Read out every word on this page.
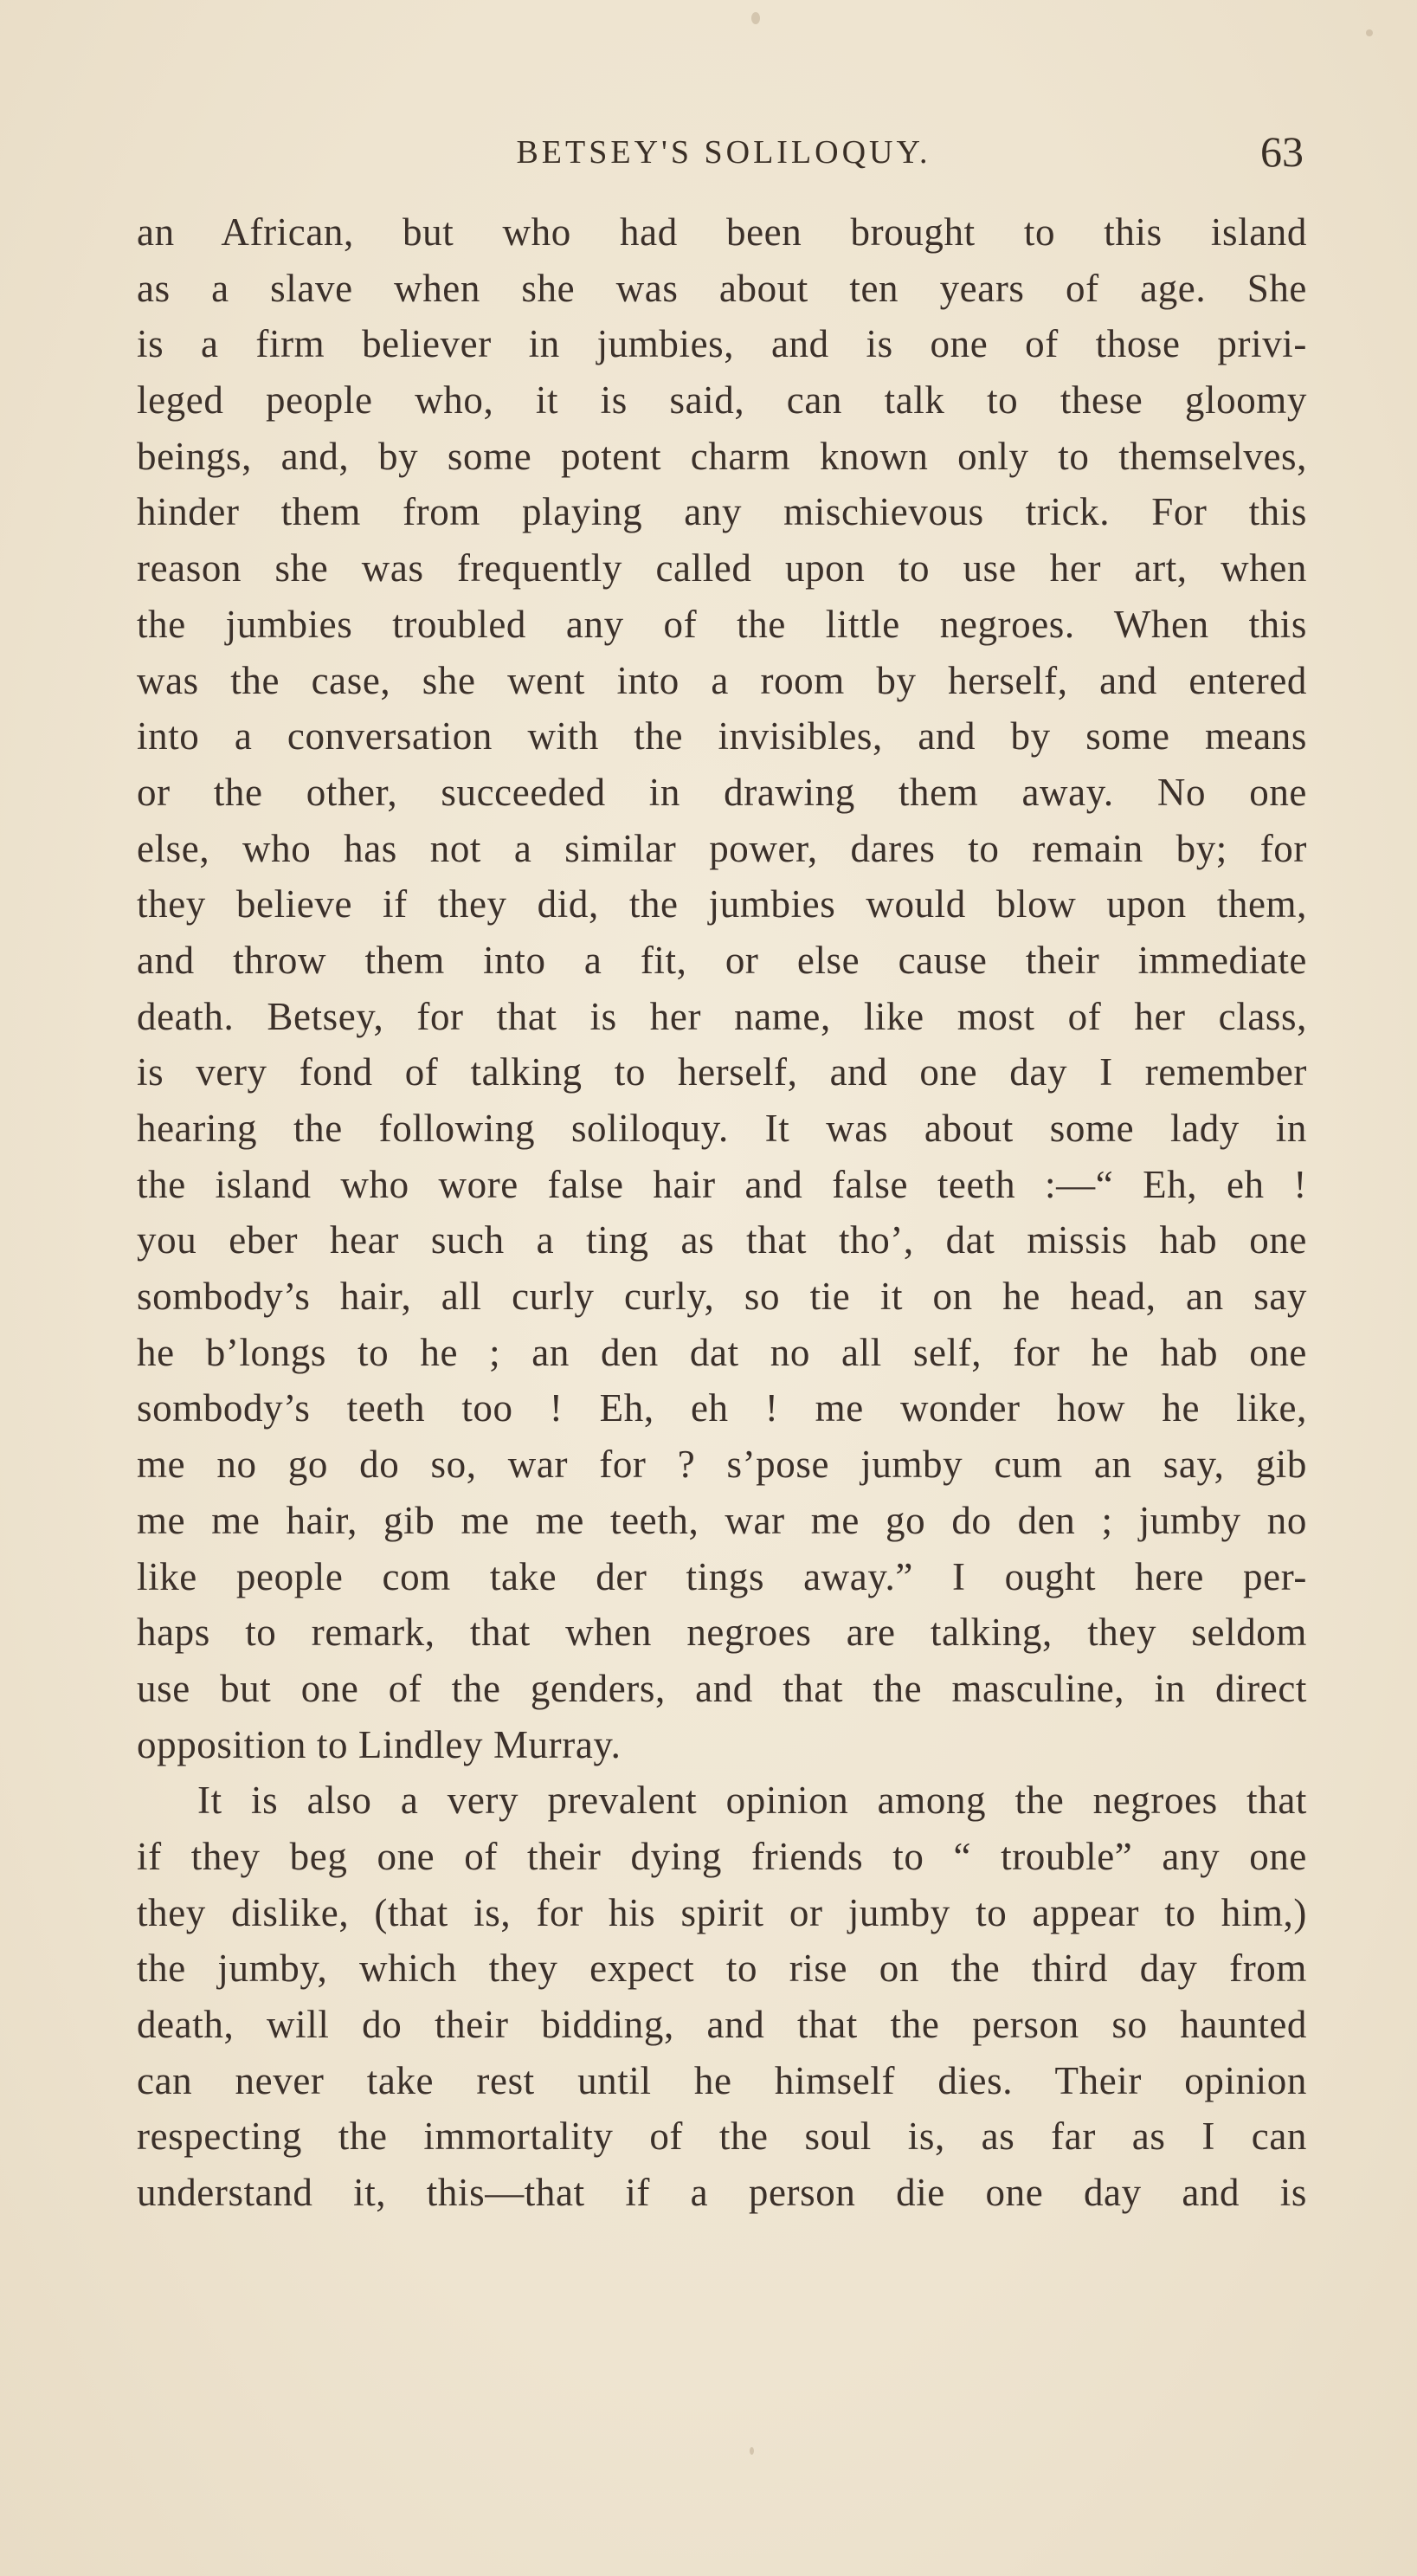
BETSEY'S SOLILOQUY.	63
an African, but who had been brought to this island
as a slave when she was about ten years of age. She
is a firm believer in jumbies, and is one of those privi-
leged people who, it is said, can talk to these gloomy
beings, and, by some potent charm known only to themselves,
hinder them from playing any mischievous trick. For this
reason she was frequently called upon to use her art, when
the jumbies troubled any of the little negroes. When this
was the case, she went into a room by herself, and entered
into a conversation with the invisibles, and by some means
or the other, succeeded in drawing them away. No one
else, who has not a similar power, dares to remain by; for
they believe if they did, the jumbies would blow upon them,
and throw them into a fit, or else cause their immediate
death. Betsey, for that is her name, like most of her class,
is very fond of talking to herself, and one day I remember
hearing the following soliloquy. It was about some lady in
the island who wore false hair and false teeth :—“ Eh, eh !
you eber hear such a ting as that tho’, dat missis hab one
sombody’s hair, all curly curly, so tie it on he head, an say
he b’longs to he ; an den dat no all self, for he hab one
sombody’s teeth too ! Eh, eh ! me wonder how he like,
me no go do so, war for ? s’pose jumby cum an say, gib
me me hair, gib me me teeth, war me go do den ; jumby no
like people com take der tings away.” I ought here per-
haps to remark, that when negroes are talking, they seldom
use but one of the genders, and that the masculine, in direct
opposition to Lindley Murray.
It is also a very prevalent opinion among the negroes that
if they beg one of their dying friends to “ trouble” any one
they dislike, (that is, for his spirit or jumby to appear to him,)
the jumby, which they expect to rise on the third day from
death, will do their bidding, and that the person so haunted
can never take rest until he himself dies. Their opinion
respecting the immortality of the soul is, as far as I can
understand it, this—that if a person die one day and is
